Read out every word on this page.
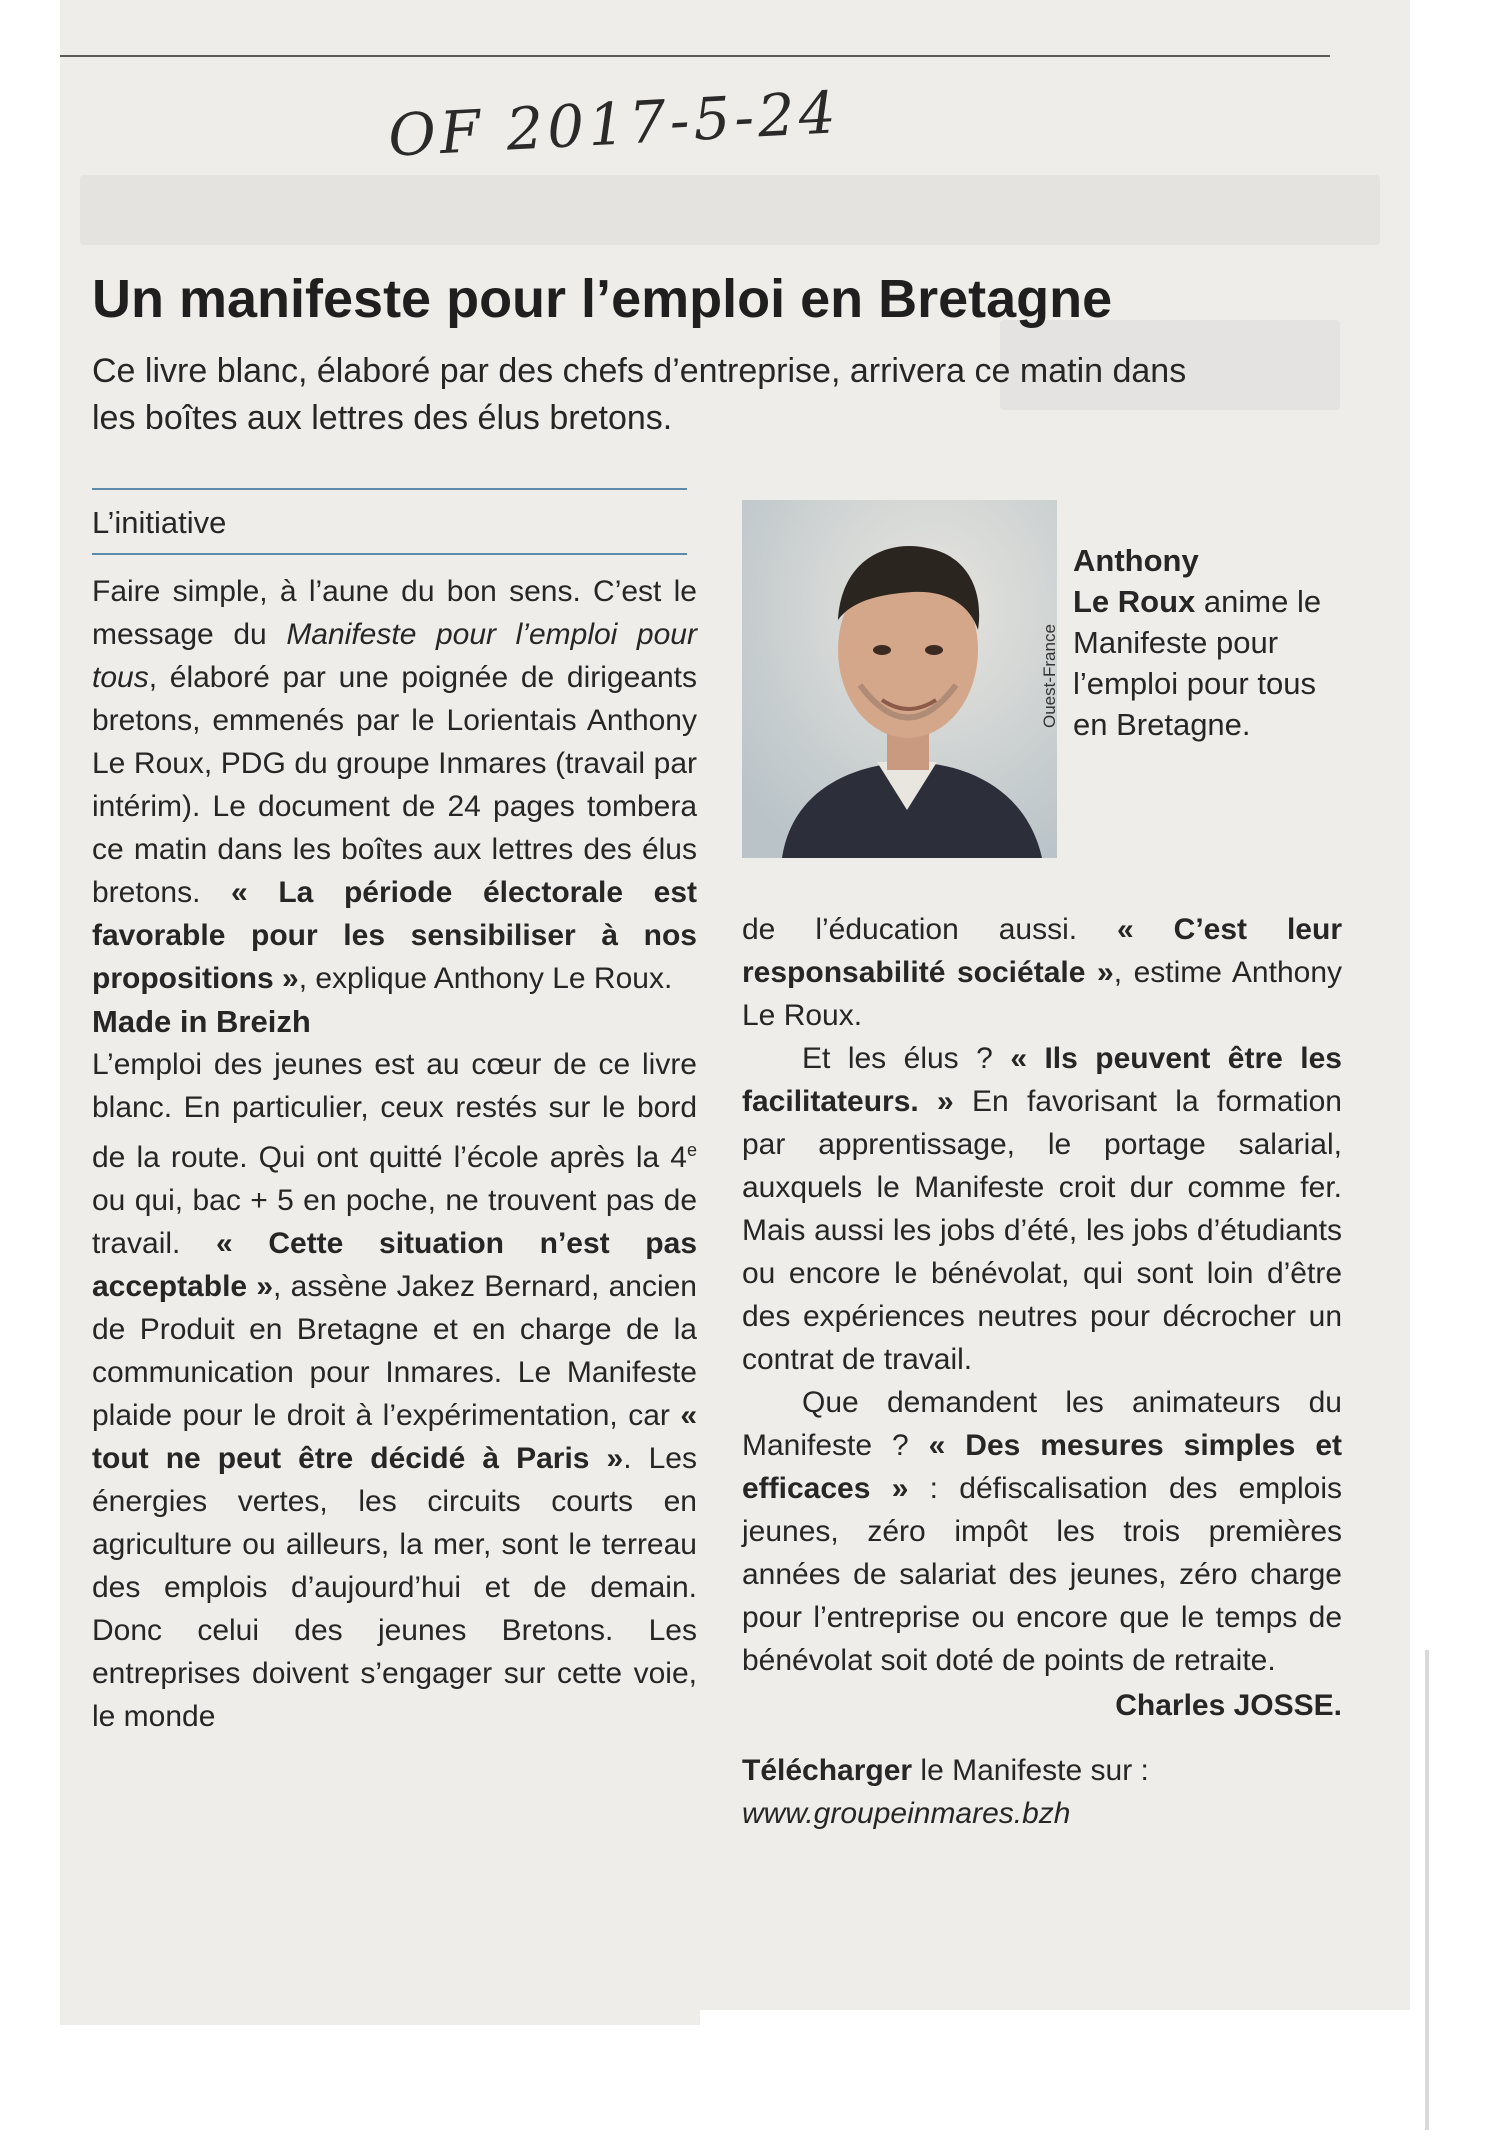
OF 2017-5-24
Un manifeste pour l’emploi en Bretagne
Ce livre blanc, élaboré par des chefs d’entreprise, arrivera ce matin dans les boîtes aux lettres des élus bretons.
L’initiative

Faire simple, à l’aune du bon sens. C’est le message du Manifeste pour l’emploi pour tous, élaboré par une poignée de dirigeants bretons, emmenés par le Lorientais Anthony Le Roux, PDG du groupe Inmares (travail par intérim). Le document de 24 pages tombera ce matin dans les boîtes aux lettres des élus bretons. « La période électorale est favorable pour les sensibiliser à nos propositions », explique Anthony Le Roux.

Made in Breizh

L’emploi des jeunes est au cœur de ce livre blanc. En particulier, ceux restés sur le bord de la route. Qui ont quitté l’école après la 4e ou qui, bac + 5 en poche, ne trouvent pas de travail. « Cette situation n’est pas acceptable », assène Jakez Bernard, ancien de Produit en Bretagne et en charge de la communication pour Inmares. Le Manifeste plaide pour le droit à l’expérimentation, car « tout ne peut être décidé à Paris ». Les énergies vertes, les circuits courts en agriculture ou ailleurs, la mer, sont le terreau des emplois d’aujourd’hui et de demain. Donc celui des jeunes Bretons. Les entreprises doivent s’engager sur cette voie, le monde

Ouest-France
Anthony
Le Roux anime le Manifeste pour l’emploi pour tous en Bretagne.

de l’éducation aussi. « C’est leur responsabilité sociétale », estime Anthony Le Roux.

Et les élus ? « Ils peuvent être les facilitateurs. » En favorisant la formation par apprentissage, le portage salarial, auxquels le Manifeste croit dur comme fer. Mais aussi les jobs d’été, les jobs d’étudiants ou encore le bénévolat, qui sont loin d’être des expériences neutres pour décrocher un contrat de travail.

Que demandent les animateurs du Manifeste ? « Des mesures simples et efficaces » : défiscalisation des emplois jeunes, zéro impôt les trois premières années de salariat des jeunes, zéro charge pour l’entreprise ou encore que le temps de bénévolat soit doté de points de retraite.

Charles JOSSE.

Télécharger le Manifeste sur : www.groupeinmares.bzh
